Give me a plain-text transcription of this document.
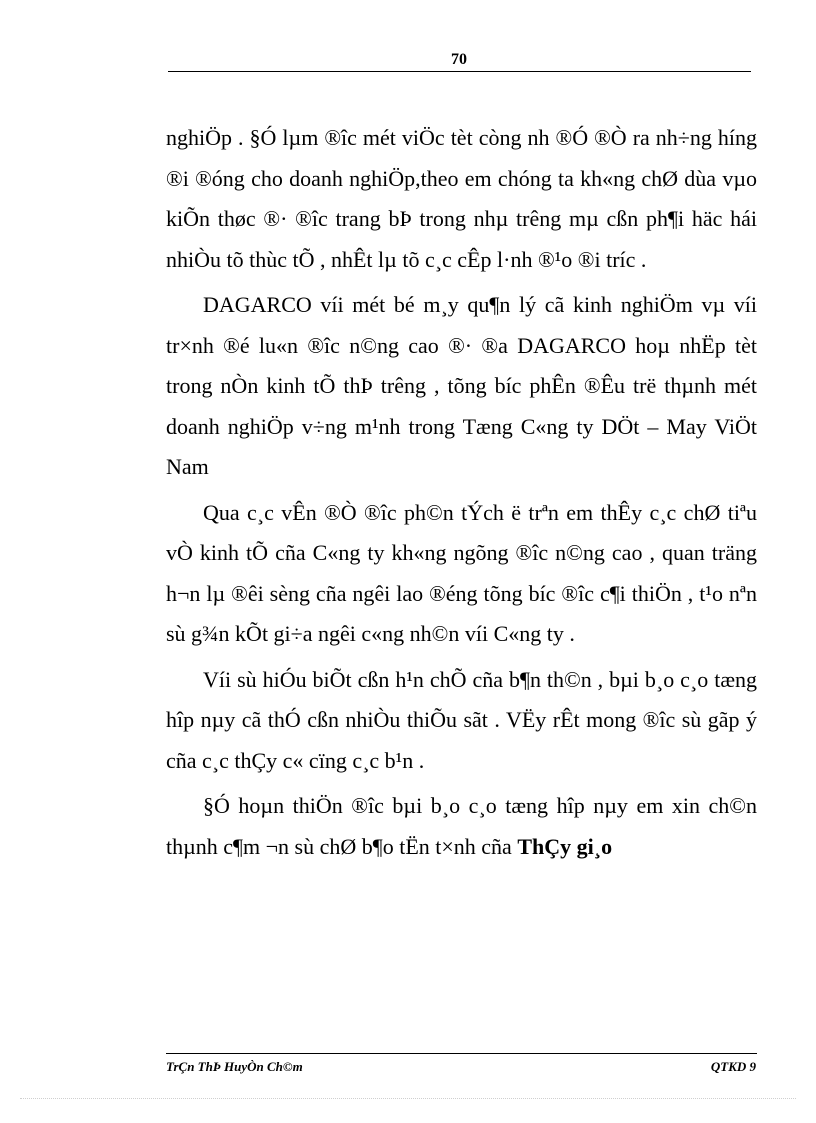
70

nghiÖp . §Ó lµm ®îc mét viÖc tèt còng nh ®Ó ®Ò ra nh÷ng híng ®i ®óng cho doanh nghiÖp,theo em chóng ta kh«ng chØ dùa vµo kiÕn thøc ®· ®îc trang bÞ trong nhµ trêng mµ cßn ph¶i häc hái nhiÒu tõ thùc tÕ , nhÊt lµ tõ c¸c cÊp l·nh ®¹o ®i tríc .

DAGARCO víi mét bé m¸y qu¶n lý cã kinh nghiÖm vµ víi tr×nh ®é lu«n ®îc n©ng cao ®· ®a DAGARCO hoµ nhËp tèt trong nÒn kinh tÕ thÞ trêng , tõng bíc phÊn ®Êu trë thµnh mét doanh nghiÖp v÷ng m¹nh trong Tæng C«ng ty DÖt – May ViÖt Nam

Qua c¸c vÊn ®Ò ®îc ph©n tÝch ë trªn em thÊy c¸c chØ tiªu vÒ kinh tÕ cña C«ng ty kh«ng ngõng ®îc n©ng cao , quan träng h¬n lµ ®êi sèng cña ngêi lao ®éng tõng bíc ®îc c¶i thiÖn , t¹o nªn sù g¾n kÕt gi÷a ngêi c«ng nh©n víi C«ng ty .

Víi sù hiÓu biÕt cßn h¹n chÕ cña b¶n th©n , bµi b¸o c¸o tæng hîp nµy cã thÓ cßn nhiÒu thiÕu sãt . VËy rÊt mong ®îc sù gãp ý cña c¸c thÇy c« cïng c¸c b¹n .

§Ó hoµn thiÖn ®îc bµi b¸o c¸o tæng hîp nµy em xin ch©n thµnh c¶m ¬n sù chØ b¶o tËn t×nh cña ThÇy gi¸o

TrÇn ThÞ HuyÒn Ch©m	QTKD 9
